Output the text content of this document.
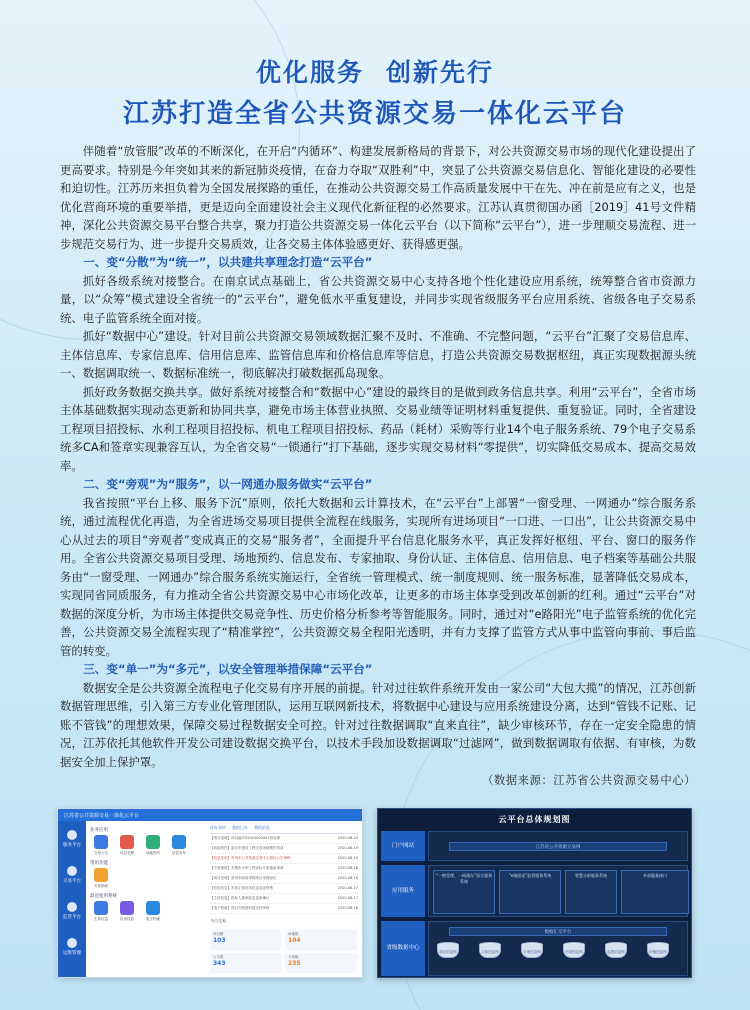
优化服务 创新先行
江苏打造全省公共资源交易一体化云平台

伴随着“放管服”改革的不断深化，在开启“内循环”、构建发展新格局的背景下，对公共资源交易市场的现代化建设提出了更高要求。特别是今年突如其来的新冠肺炎疫情，在奋力夺取“双胜利”中，突显了公共资源交易信息化、智能化建设的必要性和迫切性。江苏历来担负着为全国发展探路的重任，在推动公共资源交易工作高质量发展中干在先、冲在前是应有之义，也是优化营商环境的重要举措，更是迈向全面建设社会主义现代化新征程的必然要求。江苏认真贯彻国办函［2019］41号文件精神，深化公共资源交易平台整合共享，聚力打造公共资源交易一体化云平台（以下简称“云平台”），进一步理顺交易流程、进一步规范交易行为、进一步提升交易质效，让各交易主体体验感更好、获得感更强。

一、变“分散”为“统一”，以共建共享理念打造“云平台”

抓好各级系统对接整合。在南京试点基础上，省公共资源交易中心支持各地个性化建设应用系统，统筹整合省市资源力量，以“众筹”模式建设全省统一的“云平台”，避免低水平重复建设，并同步实现省级服务平台应用系统、省级各电子交易系统、电子监管系统全面对接。

抓好“数据中心”建设。针对目前公共资源交易领域数据汇聚不及时、不准确、不完整问题，“云平台”汇聚了交易信息库、主体信息库、专家信息库、信用信息库、监管信息库和价格信息库等信息，打造公共资源交易数据枢纽，真正实现数据源头统一、数据调取统一、数据标准统一，彻底解决打破数据孤岛现象。

抓好政务数据交换共享。做好系统对接整合和“数据中心”建设的最终目的是做到政务信息共享。利用“云平台”，全省市场主体基础数据实现动态更新和协同共享，避免市场主体营业执照、交易业绩等证明材料重复提供、重复验证。同时，全省建设工程项目招投标、水利工程项目招投标、机电工程项目招投标、药品（耗材）采购等行业14个电子服务系统、79个电子交易系统多CA和签章实现兼容互认，为全省交易“一锁通行”打下基础，逐步实现交易材料“零提供”，切实降低交易成本、提高交易效率。

二、变“旁观”为“服务”，以一网通办服务做实“云平台”

我省按照“平台上移、服务下沉”原则，依托大数据和云计算技术，在“云平台”上部署“一窗受理、一网通办”综合服务系统，通过流程优化再造，为全省进场交易项目提供全流程在线服务，实现所有进场项目“一口进、一口出”，让公共资源交易中心从过去的项目“旁观者”变成真正的交易“服务者”，全面提升平台信息化服务水平，真正发挥好枢纽、平台、窗口的服务作用。全省公共资源交易项目受理、场地预约、信息发布、专家抽取、身份认证、主体信息、信用信息、电子档案等基础公共服务由“一窗受理、一网通办”综合服务系统实施运行，全省统一管理模式、统一制度规则、统一服务标准，显著降低交易成本，实现同省同质服务，有力推动全省公共资源交易中心市场化改革，让更多的市场主体享受到改革创新的红利。通过“云平台”对数据的深度分析，为市场主体提供交易竞争性、历史价格分析参考等智能服务。同时，通过对“e路阳光”电子监管系统的优化完善，公共资源交易全流程实现了“精准掌控”，公共资源交易全程阳光透明，并有力支撑了监管方式从事中监管向事前、事后监管的转变。

三、变“单一”为“多元”，以安全管理举措保障“云平台”

数据安全是公共资源全流程电子化交易有序开展的前提。针对过往软件系统开发由一家公司“大包大揽”的情况，江苏创新数据管理思维，引入第三方专业化管理团队，运用互联网新技术，将数据中心建设与应用系统建设分离，达到“管钱不记账、记账不管钱”的理想效果，保障交易过程数据安全可控。针对过往数据调取“直来直往”，缺少审核环节，存在一定安全隐患的情况，江苏依托其他软件开发公司建设数据交换平台，以技术手段加设数据调取“过滤网”，做到数据调取有依据、有审核，为数据安全加上保护罩。

（数据来源：江苏省公共资源交易中心）
江苏省公共资源交易一体化云平台
服务平台
交易平台
监管平台
运维管理
业务应用
交易公告	项目受理	场地预约	信息发布
常用功能
专家抽取
最近使用系统
主体信息	信用信息	电子档案
待办事项 我的已办 我的消息
【项目受理】项目编号32020000001待处理	2020-08-20
【场地预约】南京市建设工程交易场地预约申请	2020-08-19
【信息发布】苏州市公共资源交易中心招标公告审核	2020-08-19
【专家抽取】无锡市水利工程评标专家抽取申请	2020-08-18
【项目受理】常州市政府采购项目受理登记	2020-08-18
【信用信息】市场主体信用信息变更审核	2020-08-17
【主体信息】投标人基础信息更新确认	2020-08-17
【电子档案】项目归档资料提交待审核	2020-08-16
今日交易
项目数
103
场地数
104
公告数
343
专家数
235
云平台总体规划图
门户网站	江苏省公共资源交易网
应用服务
“一窗受理、一网通办”综合服务系统
“e路阳光”监管服务系统	智慧分析服务系统	外部服务接口
省级数据中心
数据汇交平台
项目信息库	主体信息库	专家信息库	信用信息库	监管信息库	价格信息库
